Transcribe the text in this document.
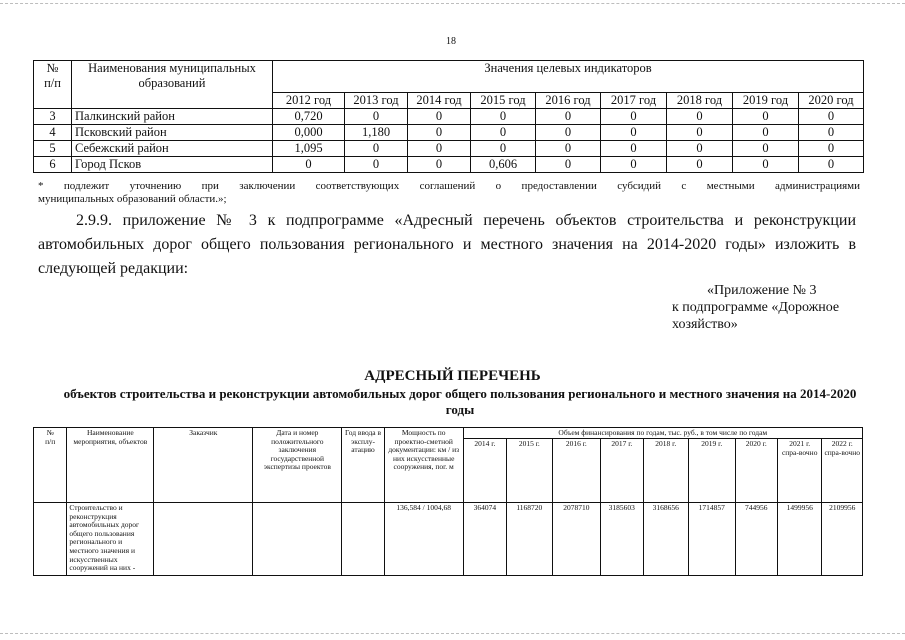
18
№
п/п	Наименования муниципальных
образований	Значения целевых индикаторов								
		2012 год	2013 год	2014 год	2015 год	2016 год	2017 год	2018 год	2019 год	2020 год
3	Палкинский район	0,720	0	0	0	0	0	0	0	0
4	Псковский район	0,000	1,180	0	0	0	0	0	0	0
5	Себежский район	1,095	0	0	0	0	0	0	0	0
6	Город Псков	0	0	0	0,606	0	0	0	0	0
* подлежит уточнению при заключении соответствующих соглашений о предоставлении субсидий с местными администрациями
муниципальных образований области.»;
2.9.9. приложение № 3 к подпрограмме «Адресный перечень объектов строительства и реконструкции автомобильных дорог общего пользования регионального и местного значения на 2014-2020 годы» изложить в следующей редакции:
«Приложение № 3
к подпрограмме «Дорожное
хозяйство»
АДРЕСНЫЙ ПЕРЕЧЕНЬ
объектов строительства и реконструкции автомобильных дорог общего пользования регионального и местного значения на 2014-2020 годы
№
п/п	Наименование мероприятия, объектов	Заказчик	Дата и номер положительного заключения государственной экспертизы проектов	Год ввода в эксплу-атацию	Мощность по проектно-сметной документации: км / из них искусственные сооружения, пог. м	Объем финансирования по годам, тыс. руб., в том числе по годам								
						2014 г.	2015 г.	2016 г.	2017 г.	2018 г.	2019 г.	2020 г.	2021 г. спра-вочно	2022 г. спра-вочно
	Строительство и реконструкция автомобильных дорог общего пользования регионального и местного значения и искусственных сооружений на них -				136,584 / 1004,68	364074	1168720	2078710	3185603	3168656	1714857	744956	1499956	2109956
